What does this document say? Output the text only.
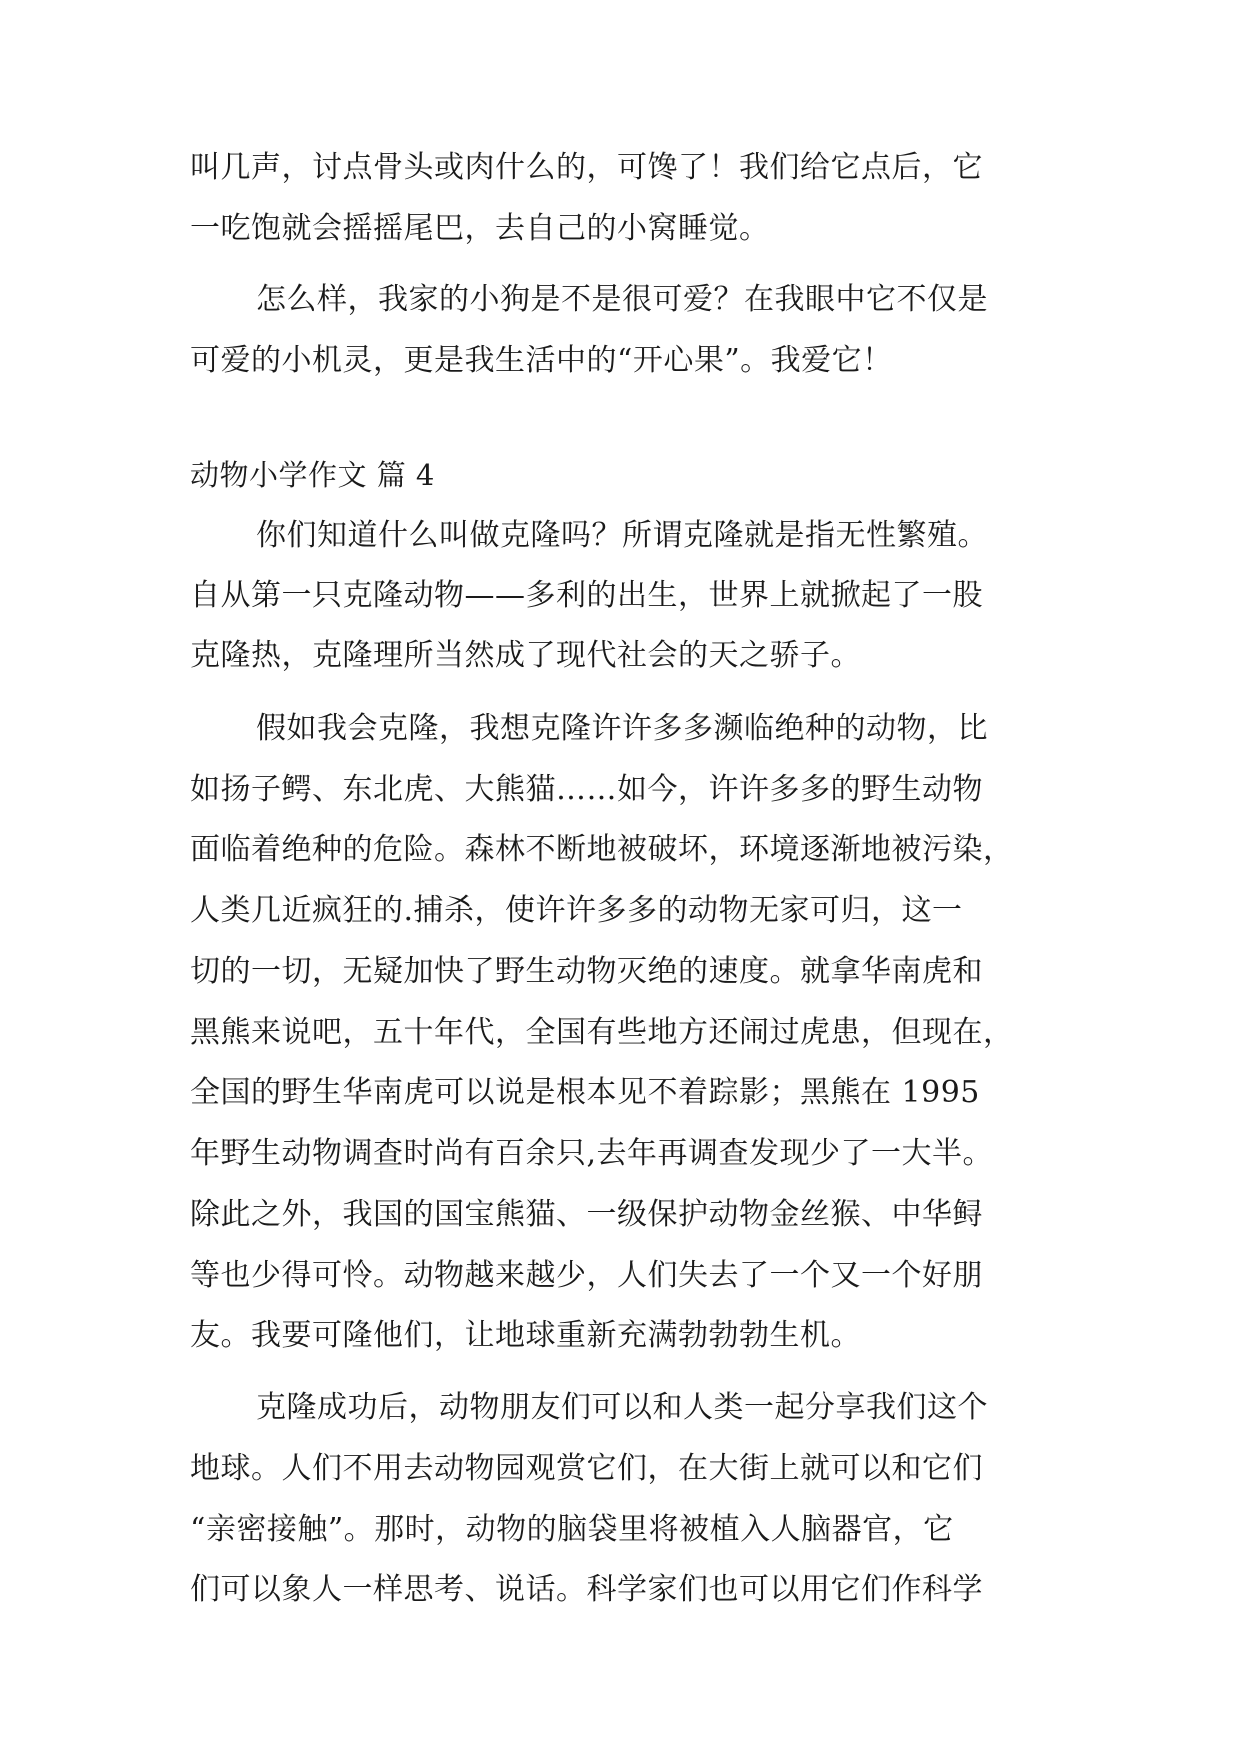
叫几声，讨点骨头或肉什么的，可馋了！我们给它点后，它
一吃饱就会摇摇尾巴，去自己的小窝睡觉。
怎么样，我家的小狗是不是很可爱？在我眼中它不仅是
可爱的小机灵，更是我生活中的“开心果”。我爱它！
动物小学作文 篇 4
你们知道什么叫做克隆吗？所谓克隆就是指无性繁殖。
自从第一只克隆动物——多利的出生，世界上就掀起了一股
克隆热，克隆理所当然成了现代社会的天之骄子。
假如我会克隆，我想克隆许许多多濒临绝种的动物，比
如扬子鳄、东北虎、大熊猫……如今，许许多多的野生动物
面临着绝种的危险。森林不断地被破坏，环境逐渐地被污染，
人类几近疯狂的.捕杀，使许许多多的动物无家可归，这一
切的一切，无疑加快了野生动物灭绝的速度。就拿华南虎和
黑熊来说吧，五十年代，全国有些地方还闹过虎患，但现在，
全国的野生华南虎可以说是根本见不着踪影；黑熊在 1995
年野生动物调查时尚有百余只,去年再调查发现少了一大半。
除此之外，我国的国宝熊猫、一级保护动物金丝猴、中华鲟
等也少得可怜。动物越来越少，人们失去了一个又一个好朋
友。我要可隆他们，让地球重新充满勃勃勃生机。
克隆成功后，动物朋友们可以和人类一起分享我们这个
地球。人们不用去动物园观赏它们，在大街上就可以和它们
“亲密接触”。那时，动物的脑袋里将被植入人脑器官，它
们可以象人一样思考、说话。科学家们也可以用它们作科学
